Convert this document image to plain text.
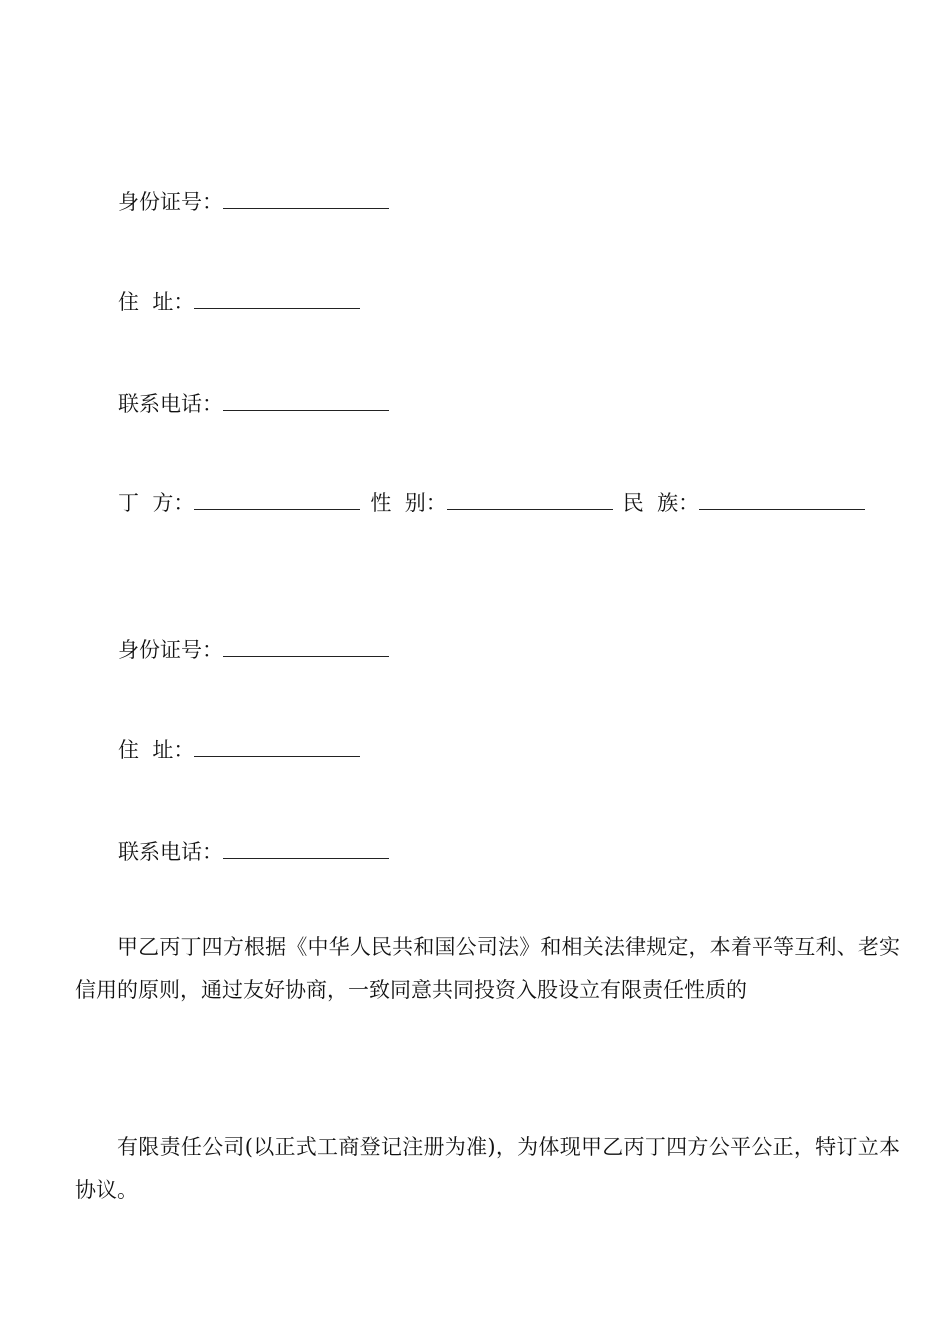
身份证号：
住  址：
联系电话：
丁  方：	性  别：	民  族：
身份证号：
住  址：
联系电话：
甲乙丙丁四方根据《中华人民共和国公司法》和相关法律规定，本着平等互利、老实信用的原则，通过友好协商，一致同意共同投资入股设立有限责任性质的
有限责任公司(以正式工商登记注册为准)，为体现甲乙丙丁四方公平公正，特订立本协议。
